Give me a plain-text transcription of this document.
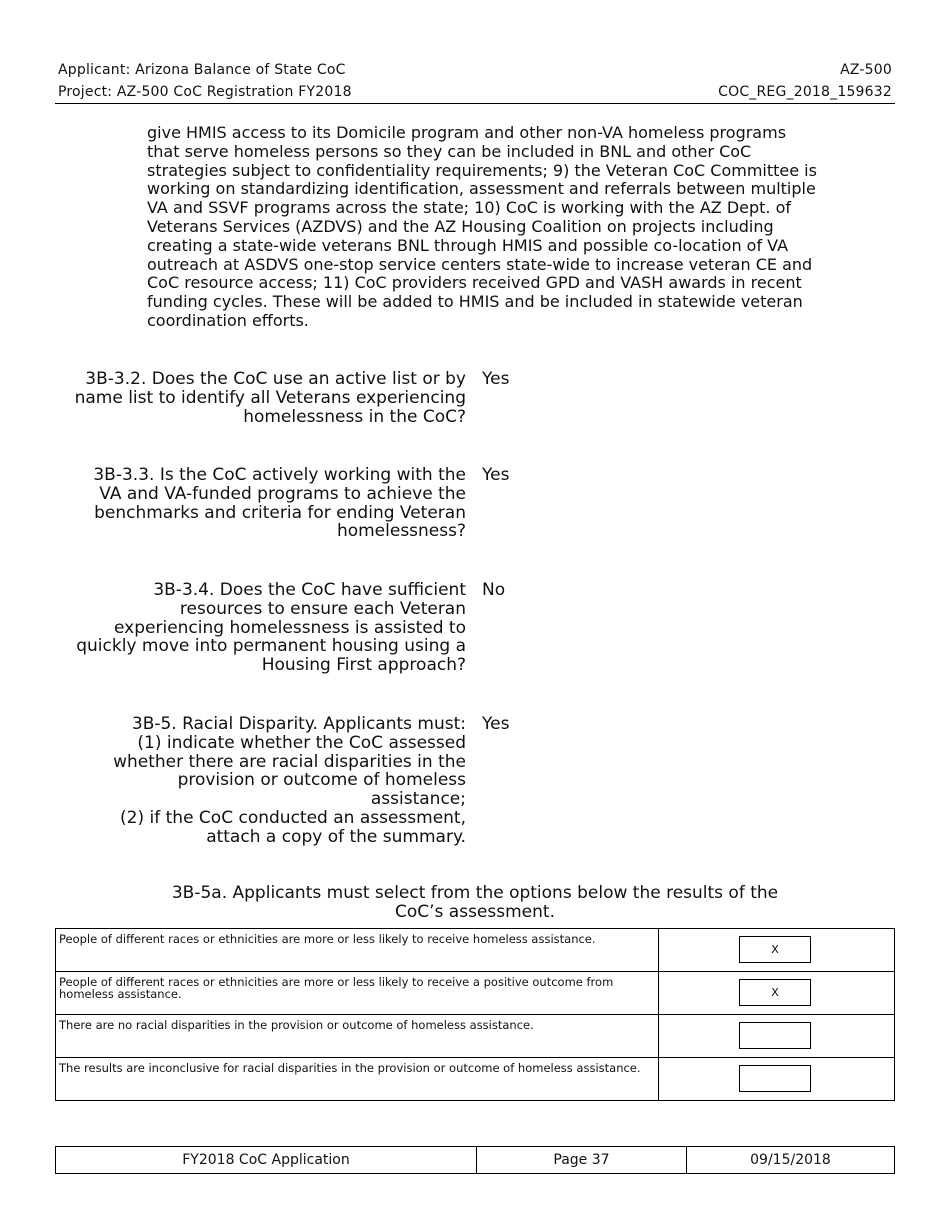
Applicant: Arizona Balance of State CoC	AZ-500
Project: AZ-500 CoC Registration FY2018	COC_REG_2018_159632

give HMIS access to its Domicile program and other non-VA homeless programs that serve homeless persons so they can be included in BNL and other CoC strategies subject to confidentiality requirements; 9) the Veteran CoC Committee is working on standardizing identification, assessment and referrals between multiple VA and SSVF programs across the state; 10) CoC is working with the AZ Dept. of Veterans Services (AZDVS) and the AZ Housing Coalition on projects including creating a state-wide veterans BNL through HMIS and possible co-location of VA outreach at ASDVS one-stop service centers state-wide to increase veteran CE and CoC resource access; 11) CoC providers received GPD and VASH awards in recent funding cycles. These will be added to HMIS and be included in statewide veteran coordination efforts.

3B-3.2. Does the CoC use an active list or by
name list to identify all Veterans experiencing
homelessness in the CoC?
Yes
3B-3.3. Is the CoC actively working with the
VA and VA-funded programs to achieve the
benchmarks and criteria for ending Veteran
homelessness?
Yes
3B-3.4. Does the CoC have sufficient
resources to ensure each Veteran
experiencing homelessness is assisted to
quickly move into permanent housing using a
Housing First approach?
No
3B-5. Racial Disparity. Applicants must:
(1) indicate whether the CoC assessed
whether there are racial disparities in the
provision or outcome of homeless
assistance;
(2) if the CoC conducted an assessment,
attach a copy of the summary.
Yes
3B-5a. Applicants must select from the options below the results of the
CoC’s assessment.
People of different races or ethnicities are more or less likely to receive homeless assistance.	X

People of different races or ethnicities are more or less likely to receive a positive outcome from homeless assistance.	X

There are no racial disparities in the provision or outcome of homeless assistance.	

The results are inconclusive for racial disparities in the provision or outcome of homeless assistance.	
FY2018 CoC Application	Page 37	09/15/2018
